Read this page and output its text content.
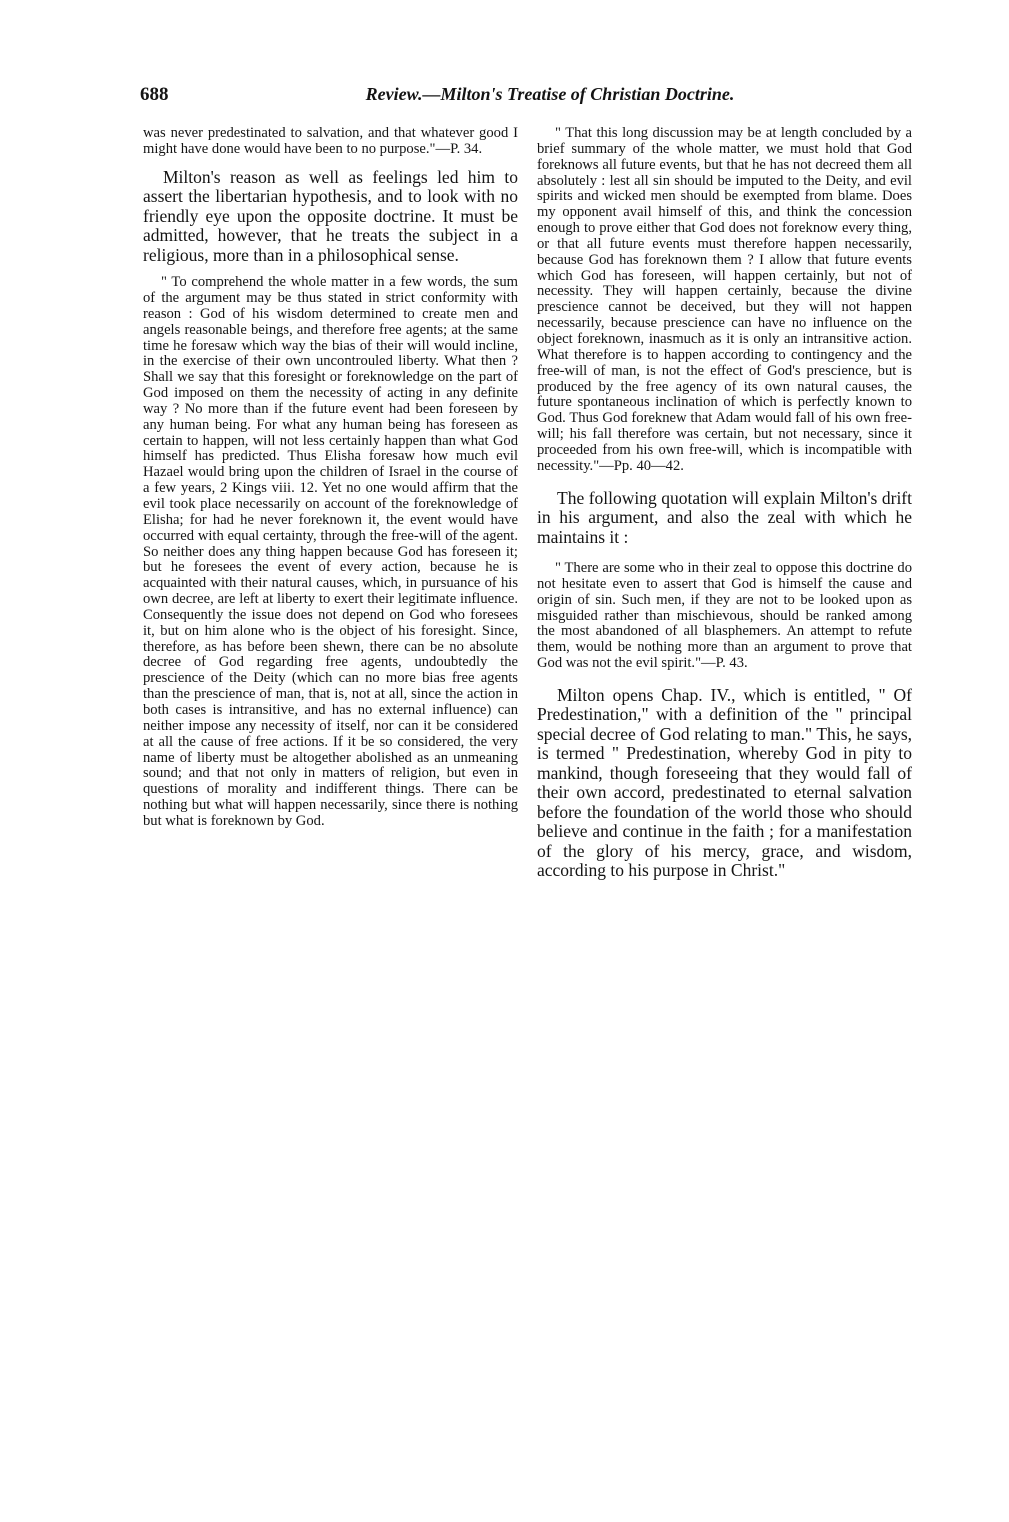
688	Review.—Milton's Treatise of Christian Doctrine.

was never predestinated to salvation, and that whatever good I might have done would have been to no purpose."—P. 34.

Milton's reason as well as feelings led him to assert the libertarian hypothesis, and to look with no friendly eye upon the opposite doctrine. It must be admitted, however, that he treats the subject in a religious, more than in a philosophical sense.

" To comprehend the whole matter in a few words, the sum of the argument may be thus stated in strict conformity with reason : God of his wisdom determined to create men and angels reasonable beings, and therefore free agents; at the same time he foresaw which way the bias of their will would incline, in the exercise of their own uncontrouled liberty. What then ? Shall we say that this foresight or foreknowledge on the part of God imposed on them the necessity of acting in any definite way ? No more than if the future event had been foreseen by any human being. For what any human being has foreseen as certain to happen, will not less certainly happen than what God himself has predicted. Thus Elisha foresaw how much evil Hazael would bring upon the children of Israel in the course of a few years, 2 Kings viii. 12. Yet no one would affirm that the evil took place necessarily on account of the foreknowledge of Elisha; for had he never foreknown it, the event would have occurred with equal certainty, through the free-will of the agent. So neither does any thing happen because God has foreseen it; but he foresees the event of every action, because he is acquainted with their natural causes, which, in pursuance of his own decree, are left at liberty to exert their legitimate influence. Consequently the issue does not depend on God who foresees it, but on him alone who is the object of his foresight. Since, therefore, as has before been shewn, there can be no absolute decree of God regarding free agents, undoubtedly the prescience of the Deity (which can no more bias free agents than the prescience of man, that is, not at all, since the action in both cases is intransitive, and has no external influence) can neither impose any necessity of itself, nor can it be considered at all the cause of free actions. If it be so considered, the very name of liberty must be altogether abolished as an unmeaning sound; and that not only in matters of religion, but even in questions of morality and indifferent things. There can be nothing but what will happen necessarily, since there is nothing but what is foreknown by God.

" That this long discussion may be at length concluded by a brief summary of the whole matter, we must hold that God foreknows all future events, but that he has not decreed them all absolutely : lest all sin should be imputed to the Deity, and evil spirits and wicked men should be exempted from blame. Does my opponent avail himself of this, and think the concession enough to prove either that God does not foreknow every thing, or that all future events must therefore happen necessarily, because God has foreknown them ? I allow that future events which God has foreseen, will happen certainly, but not of necessity. They will happen certainly, because the divine prescience cannot be deceived, but they will not happen necessarily, because prescience can have no influence on the object foreknown, inasmuch as it is only an intransitive action. What therefore is to happen according to contingency and the free-will of man, is not the effect of God's prescience, but is produced by the free agency of its own natural causes, the future spontaneous inclination of which is perfectly known to God. Thus God foreknew that Adam would fall of his own free-will; his fall therefore was certain, but not necessary, since it proceeded from his own free-will, which is incompatible with necessity."—Pp. 40—42.

The following quotation will explain Milton's drift in his argument, and also the zeal with which he maintains it :

" There are some who in their zeal to oppose this doctrine do not hesitate even to assert that God is himself the cause and origin of sin. Such men, if they are not to be looked upon as misguided rather than mischievous, should be ranked among the most abandoned of all blasphemers. An attempt to refute them, would be nothing more than an argument to prove that God was not the evil spirit."—P. 43.

Milton opens Chap. IV., which is entitled, " Of Predestination," with a definition of the " principal special decree of God relating to man." This, he says, is termed " Predestination, whereby God in pity to mankind, though foreseeing that they would fall of their own accord, predestinated to eternal salvation before the foundation of the world those who should believe and continue in the faith ; for a manifestation of the glory of his mercy, grace, and wisdom, according to his purpose in Christ."
